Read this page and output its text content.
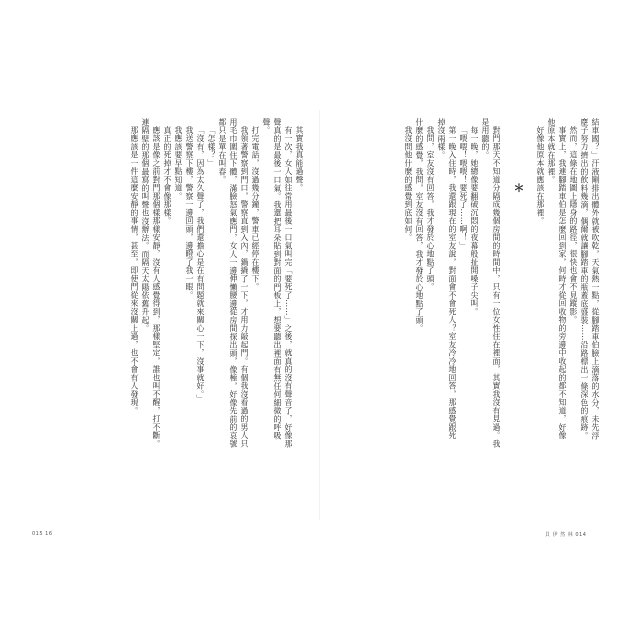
其實我真能過聲。
有一次，女人如往常用最後一口氣叫完「要死了……」之後，就真的沒有聲音了，好像那
聲真的是最後一口氣。我還把耳朵貼到對面的門板上，想要聽出裡面有無任何細微的呼吸
聲。
打完電話，沒過幾分鐘，警車已經停在樓下。
我領著警察到門口，警察直到入內，鍋撬了一下，才用力敲起門。有個我沒看過的男人只
用毛巾圍住下體，滿臉怒氣應門，女人一邊伸懶腰邊從房間探出頭，像極，好像先前的哀號
都只是單在叫春。
「怎樣？」
「沒有，因為太久聲了，我們還擔心是在有問題就來關心一下，沒事就好。」
我送警察下樓，警察一邊回頭，邊瞪了我一眼。
我應該要早點知道。
真正的死掉才不會像那樣。
應該是像之前對門那個樣那樣安靜，沒有人感覺得到，那樣堅定，誰也叫不醒，打不斷。
連隔壁的那個最寫的叫聲也沒辦法。而隔天太陽依舊升起。
那應該是一件這麼安靜的事情，甚至，即使門從來沒關上過，也不會有人發現。	結車國？」汗液剛排出體外就被吹乾，天氣熱一點，從腳踏車伯臉上滴落的水分，未先浮
塵子努力擠出的飲料幾滴，偶爾就讓腳踏車的瓶蓋底盛裝……沿路標出一條深色的痕跡。
然而，這條在地圖上隱身的路徑，很快也會不見蹤影。
事實上，我連腳踏車伯是怎麼回到家，何時才從回收物的旁邊中收起的都不知道，好像
他原本就在那裡。
好像他原本就應該在那裡。
＊
對門那天不知道分隔成幾個房間的時間中，只有一位女性住在裡面，其實我沒有見過。我
是用聽的。
每一晚，她總像要翻破沉悶的夜幕般扯開嗓子尖叫。
「喂喂！喂喂！要死了……啊！」
第一晚入住時，我還跟現在的室友說，對面會不會死人？室友冷冷地回答，那感覺跟死
掉沒兩樣。
我問，室友沒有回答，我才發於心地點了頭。
什麼的感覺，我問，室友沒有回答，我才發於心地點了頭。
我沒問他什麼的感覺到底如何。
015 16	貝 伊 然 林 014
